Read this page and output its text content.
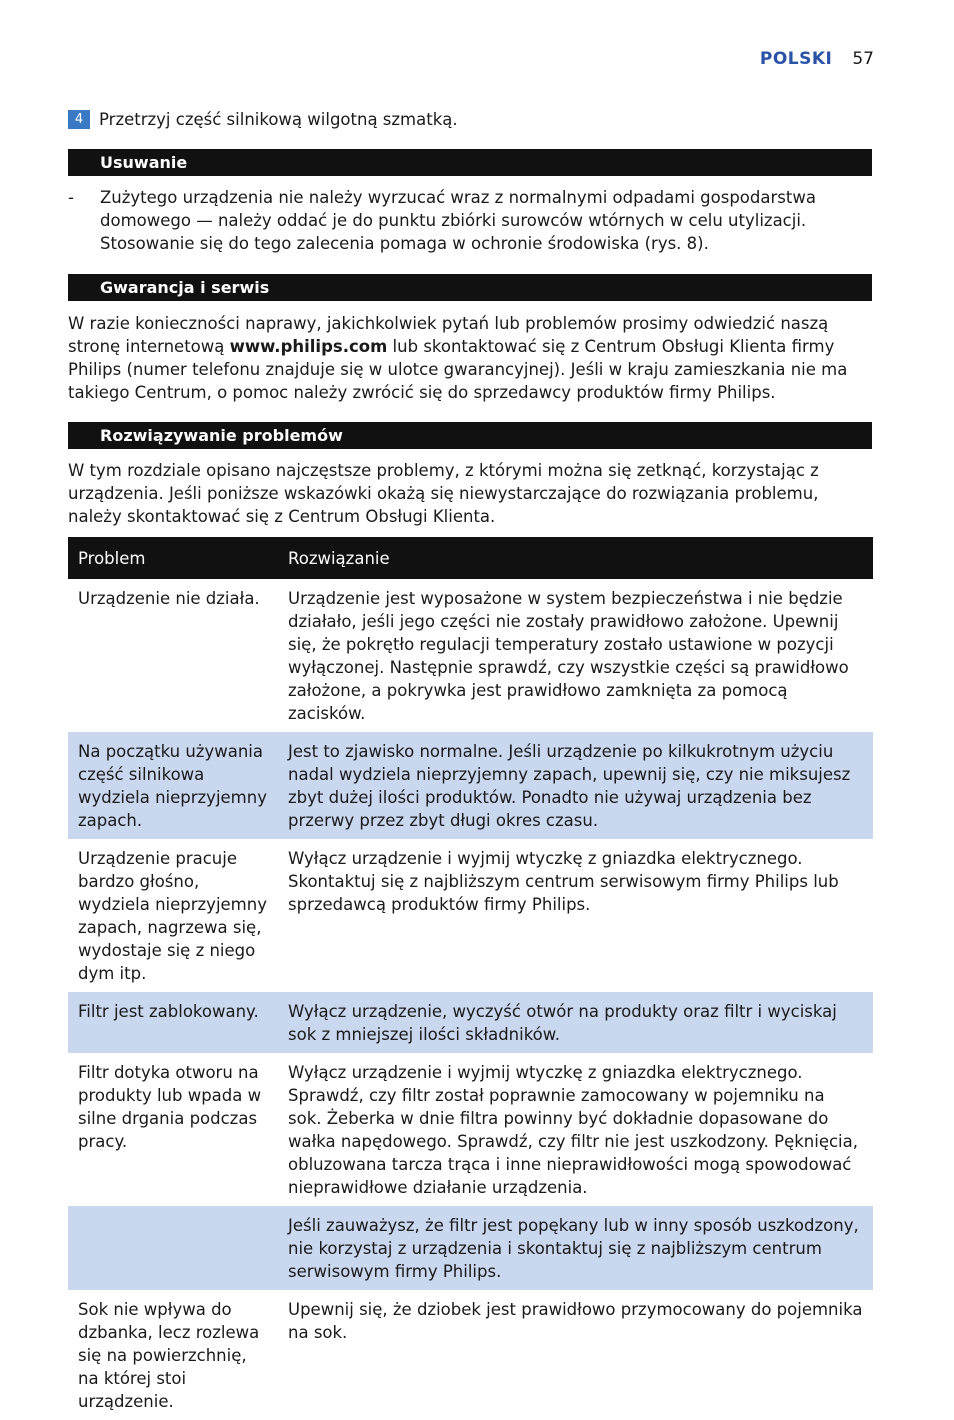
POLSKI 57
4 Przetrzyj część silnikową wilgotną szmatką.
Usuwanie
-	Zużytego urządzenia nie należy wyrzucać wraz z normalnymi odpadami gospodarstwa domowego — należy oddać je do punktu zbiórki surowców wtórnych w celu utylizacji. Stosowanie się do tego zalecenia pomaga w ochronie środowiska (rys. 8).
Gwarancja i serwis
W razie konieczności naprawy, jakichkolwiek pytań lub problemów prosimy odwiedzić naszą stronę internetową www.philips.com lub skontaktować się z Centrum Obsługi Klienta firmy Philips (numer telefonu znajduje się w ulotce gwarancyjnej). Jeśli w kraju zamieszkania nie ma takiego Centrum, o pomoc należy zwrócić się do sprzedawcy produktów firmy Philips.
Rozwiązywanie problemów
W tym rozdziale opisano najczęstsze problemy, z którymi można się zetknąć, korzystając z urządzenia. Jeśli poniższe wskazówki okażą się niewystarczające do rozwiązania problemu, należy skontaktować się z Centrum Obsługi Klienta.
Problem	Rozwiązanie
Urządzenie nie działa.	Urządzenie jest wyposażone w system bezpieczeństwa i nie będzie działało, jeśli jego części nie zostały prawidłowo założone. Upewnij się, że pokrętło regulacji temperatury zostało ustawione w pozycji wyłączonej. Następnie sprawdź, czy wszystkie części są prawidłowo założone, a pokrywka jest prawidłowo zamknięta za pomocą zacisków.
Na początku używania część silnikowa wydziela nieprzyjemny zapach.	Jest to zjawisko normalne. Jeśli urządzenie po kilkukrotnym użyciu nadal wydziela nieprzyjemny zapach, upewnij się, czy nie miksujesz zbyt dużej ilości produktów. Ponadto nie używaj urządzenia bez przerwy przez zbyt długi okres czasu.
Urządzenie pracuje bardzo głośno, wydziela nieprzyjemny zapach, nagrzewa się, wydostaje się z niego dym itp.	Wyłącz urządzenie i wyjmij wtyczkę z gniazdka elektrycznego. Skontaktuj się z najbliższym centrum serwisowym firmy Philips lub sprzedawcą produktów firmy Philips.
Filtr jest zablokowany.	Wyłącz urządzenie, wyczyść otwór na produkty oraz filtr i wyciskaj sok z mniejszej ilości składników.
Filtr dotyka otworu na produkty lub wpada w silne drgania podczas pracy.	Wyłącz urządzenie i wyjmij wtyczkę z gniazdka elektrycznego. Sprawdź, czy filtr został poprawnie zamocowany w pojemniku na sok. Żeberka w dnie filtra powinny być dokładnie dopasowane do wałka napędowego. Sprawdź, czy filtr nie jest uszkodzony. Pęknięcia, obluzowana tarcza trąca i inne nieprawidłowości mogą spowodować nieprawidłowe działanie urządzenia.
	Jeśli zauważysz, że filtr jest popękany lub w inny sposób uszkodzony, nie korzystaj z urządzenia i skontaktuj się z najbliższym centrum serwisowym firmy Philips.
Sok nie wpływa do dzbanka, lecz rozlewa się na powierzchnię, na której stoi urządzenie.	Upewnij się, że dziobek jest prawidłowo przymocowany do pojemnika na sok.
